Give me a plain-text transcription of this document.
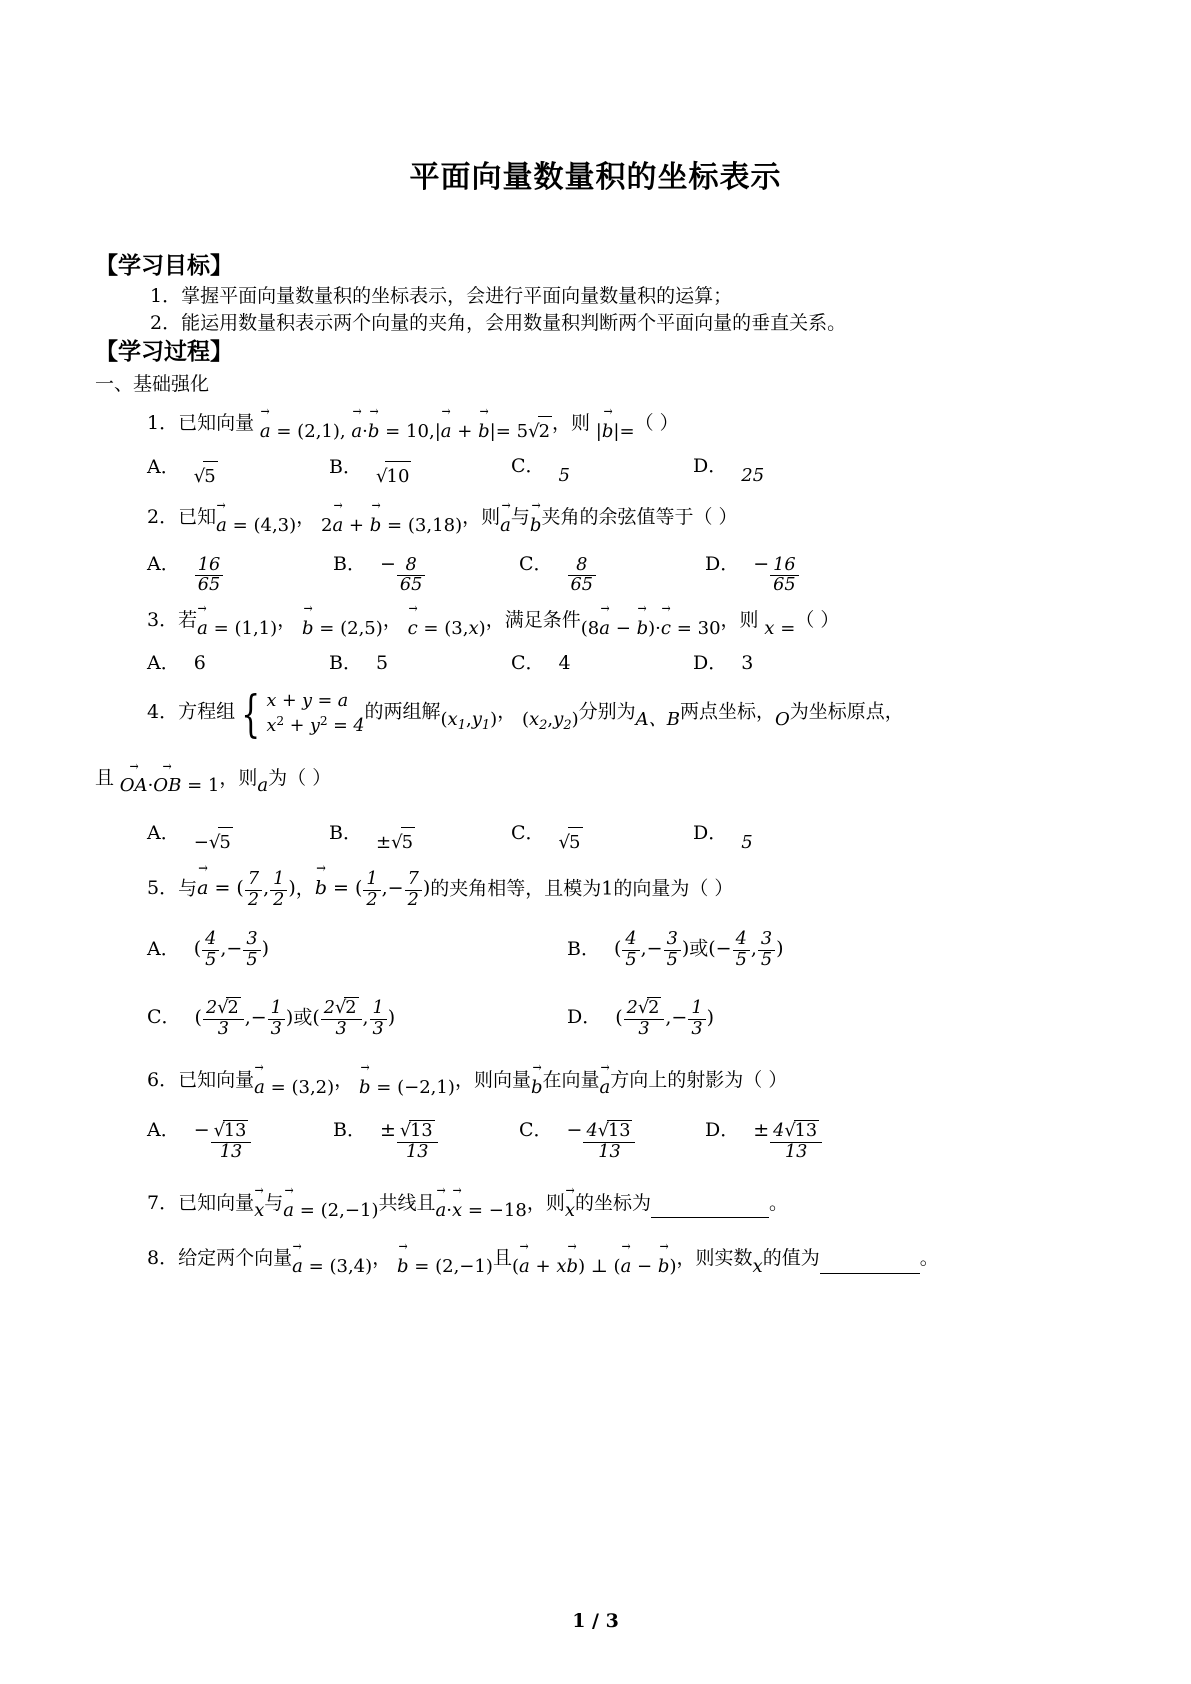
平面向量数量积的坐标表示
【学习目标】
1．掌握平面向量数量积的坐标表示，会进行平面向量数量积的运算；
2．能运用数量积表示两个向量的夹角，会用数量积判断两个平面向量的垂直关系。
【学习过程】
一、基础强化
1．已知向量 a → = (2,1), a →·b → = 10,|a → + b →|= 5√2 ，则 |b →|=（ ）
A． √5	B． √10	C． 5	D． 25
2．已知a → = (4,3)， 2a → + b → = (3,18)，则a →与b →夹角的余弦值等于（ ）
A． $\frac{16}{65}$	B． − $\frac{8}{65}$	C． $\frac{8}{65}$	D． − $\frac{16}{65}$
3．若a → = (1,1)， b → = (2,5)， c → = (3,x)，满足条件(8a → − b →)·c → = 30，则 x =（ ）
A． 6	B． 5	C． 4	D． 3
4．方程组 { x + y = a
x2 + y2 = 4
的两组解(x1,y1)， (x2,y2)分别为A、B两点坐标，O为坐标原点，
且 OA →·OB → = 1，则a为（ ）
A． −√5	B． ±√5	C． √5	D． 5
5．与a → = ( $\frac{7}{2}$ , $\frac{1}{2}$ )，b → = ( $\frac{1}{2}$ ,− $\frac{7}{2}$ )的夹角相等，且模为1的向量为（ ）
A． ( $\frac{4}{5}$ ,− $\frac{3}{5}$ )	B． ( $\frac{4}{5}$ ,− $\frac{3}{5}$ )或(− $\frac{4}{5}$ , $\frac{3}{5}$ )
C． ( $\frac{2√2}{3}$ ,− $\frac{1}{3}$ )或( $\frac{2√2}{3}$ , $\frac{1}{3}$ )	D． ( $\frac{2√2}{3}$ ,− $\frac{1}{3}$ )
6．已知向量a → = (3,2)， b → = (−2,1)，则向量b →在向量a →方向上的射影为（ ）
A． − $\frac{√13}{13}$	B． ± $\frac{√13}{13}$	C． − $\frac{4√13}{13}$	D． ± $\frac{4√13}{13}$
7．已知向量x →与a → = (2,−1)共线且a →·x → = −18，则x →的坐标为	。
8．给定两个向量a → = (3,4)， b → = (2,−1)且(a → + xb →) ⊥ (a → − b →)，则实数x的值为	。
1 / 3
